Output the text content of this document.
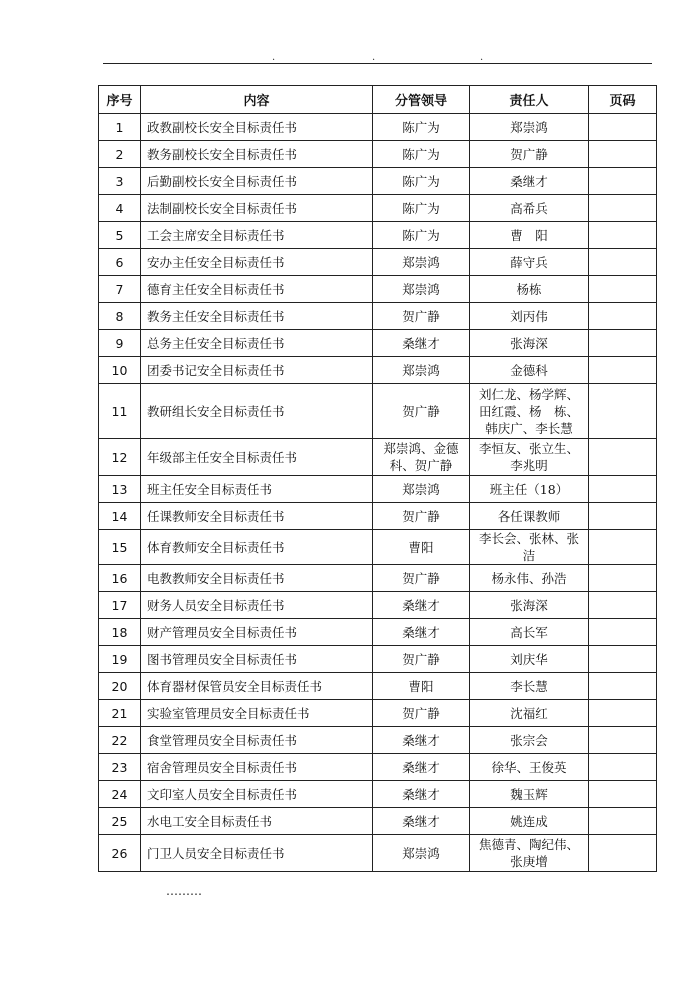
.	.	.
序号	内容	分管领导	责任人	页码
1	政教副校长安全目标责任书	陈广为	郑崇鸿	
2	教务副校长安全目标责任书	陈广为	贺广静	
3	后勤副校长安全目标责任书	陈广为	桑继才	
4	法制副校长安全目标责任书	陈广为	高希兵	
5	工会主席安全目标责任书	陈广为	曹　阳	
6	安办主任安全目标责任书	郑崇鸿	薛守兵	
7	德育主任安全目标责任书	郑崇鸿	杨栋	
8	教务主任安全目标责任书	贺广静	刘丙伟	
9	总务主任安全目标责任书	桑继才	张海深	
10	团委书记安全目标责任书	郑崇鸿	金德科	
11	教研组长安全目标责任书	贺广静	刘仁龙、杨学辉、田红霞、杨　栋、韩庆广、李长慧	
12	年级部主任安全目标责任书	郑崇鸿、金德科、贺广静	李恒友、张立生、李兆明	
13	班主任安全目标责任书	郑崇鸿	班主任（18）	
14	任课教师安全目标责任书	贺广静	各任课教师	
15	体育教师安全目标责任书	曹阳	李长会、张林、张洁	
16	电教教师安全目标责任书	贺广静	杨永伟、孙浩	
17	财务人员安全目标责任书	桑继才	张海深	
18	财产管理员安全目标责任书	桑继才	高长军	
19	图书管理员安全目标责任书	贺广静	刘庆华	
20	体育器材保管员安全目标责任书	曹阳	李长慧	
21	实验室管理员安全目标责任书	贺广静	沈福红	
22	食堂管理员安全目标责任书	桑继才	张宗会	
23	宿舍管理员安全目标责任书	桑继才	徐华、王俊英	
24	文印室人员安全目标责任书	桑继才	魏玉辉	
25	水电工安全目标责任书	桑继才	姚连成	
26	门卫人员安全目标责任书	郑崇鸿	焦德青、陶纪伟、张庚增	
………
